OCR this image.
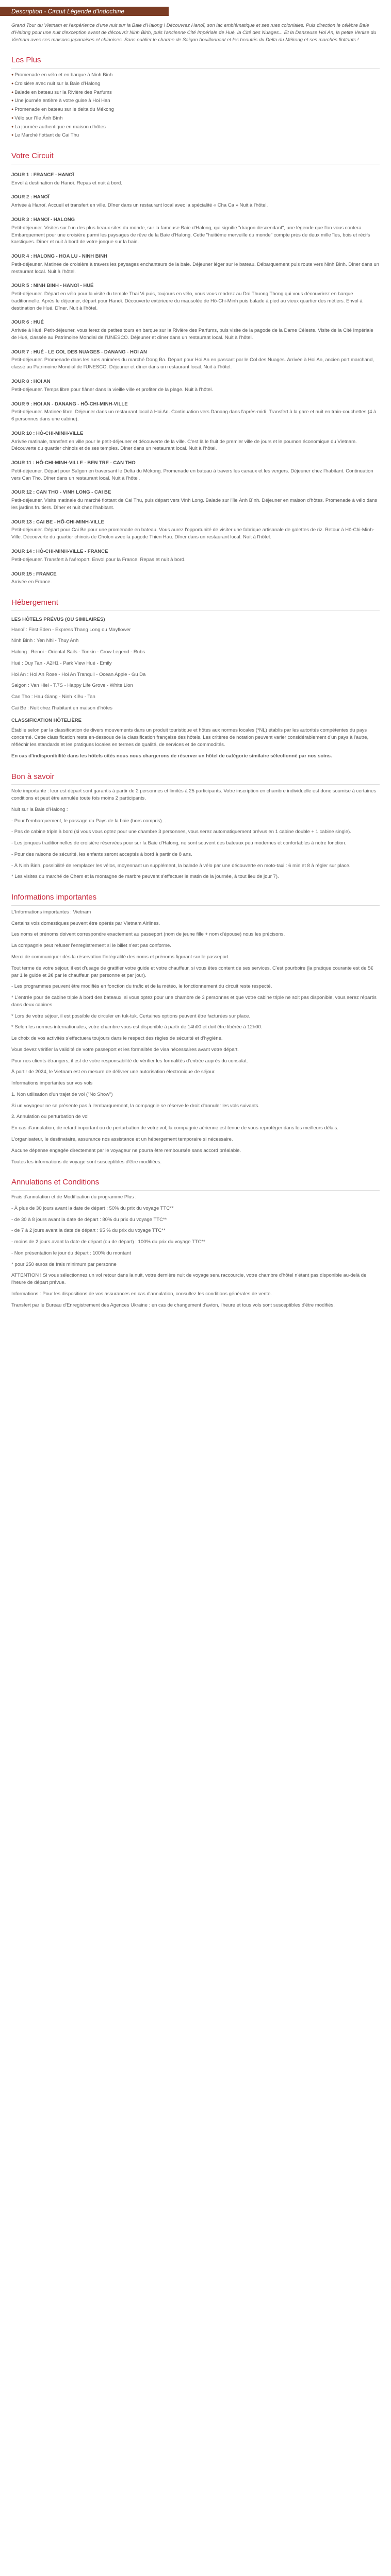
Description - Circuit Légende d'Indochine

Grand Tour du Vietnam et l'expérience d'une nuit sur la Baie d'Halong ! Découvrez Hanoï, son lac emblématique et ses rues coloniales. Puis direction le célèbre Baie d'Halong pour une nuit d'exception avant de découvrir Ninh Binh, puis l'ancienne Cité Impériale de Hué, la Cité des Nuages... Et la Danseuse Hoi An, la petite Venise du Vietnam avec ses maisons japonaises et chinoises. Sans oublier le charme de Saigon bouillonnant et les beautés du Delta du Mékong et ses marchés flottants !

Les Plus

● Promenade en vélo et en barque à Ninh Binh

● Croisière avec nuit sur la Baie d'Halong

● Balade en bateau sur la Rivière des Parfums

● Une journée entière à votre guise à Hoi Han

● Promenade en bateau sur le delta du Mékong

● Vélo sur l'île Ánh Bình

● La journée authentique en maison d'hôtes

● Le Marché flottant de Cai Thu

Votre Circuit
JOUR 1 : FRANCE - HANOÏ

Envol à destination de Hanoï. Repas et nuit à bord.

JOUR 2 : HANOÏ

Arrivée à Hanoï. Accueil et transfert en ville. Dîner dans un restaurant local avec la spécialité « Cha Ca » Nuit à l'hôtel.

JOUR 3 : HANOÏ - HALONG

Petit-déjeuner. Visites sur l'un des plus beaux sites du monde, sur la fameuse Baie d'Halong, qui signifie "dragon descendant", une légende que l'on vous contera. Embarquement pour une croisière parmi les paysages de rêve de la Baie d'Halong. Cette "huitième merveille du monde" compte près de deux mille îles, bois et récifs karstiques. Dîner et nuit à bord de votre jonque sur la baie.

JOUR 4 : HALONG - HOA LU - NINH BINH

Petit-déjeuner. Matinée de croisière à travers les paysages enchanteurs de la baie. Déjeuner léger sur le bateau. Débarquement puis route vers Ninh Binh. Dîner dans un restaurant local. Nuit à l'hôtel.

JOUR 5 : NINH BINH - HANOÏ - HUÉ

Petit-déjeuner. Départ en vélo pour la visite du temple Thai Vi puis, toujours en vélo, vous vous rendrez au Dai Thuong Thong qui vous découvrirez en barque traditionnelle. Après le déjeuner, départ pour Hanoï. Découverte extérieure du mausolée de Hô-Chi-Minh puis balade à pied au vieux quartier des métiers. Envol à destination de Hué. Dîner. Nuit à l'hôtel.

JOUR 6 : HUÉ

Arrivée à Hué. Petit-déjeuner, vous ferez de petites tours en barque sur la Rivière des Parfums, puis visite de la pagode de la Dame Céleste. Visite de la Cité Impériale de Hué, classée au Patrimoine Mondial de l'UNESCO. Déjeuner et dîner dans un restaurant local. Nuit à l'hôtel.

JOUR 7 : HUÉ - LE COL DES NUAGES - DANANG - HOI AN

Petit-déjeuner. Promenade dans les rues animées du marché Dong Ba. Départ pour Hoi An en passant par le Col des Nuages. Arrivée à Hoi An, ancien port marchand, classé au Patrimoine Mondial de l'UNESCO. Déjeuner et dîner dans un restaurant local. Nuit à l'hôtel.

JOUR 8 : HOI AN

Petit-déjeuner. Temps libre pour flâner dans la vieille ville et profiter de la plage. Nuit à l'hôtel.

JOUR 9 : HOI AN - DANANG - HÔ-CHI-MINH-VILLE

Petit-déjeuner. Matinée libre. Déjeuner dans un restaurant local à Hoi An. Continuation vers Danang dans l'après-midi. Transfert à la gare et nuit en train-couchettes (4 à 6 personnes dans une cabine).

JOUR 10 : HÔ-CHI-MINH-VILLE

Arrivée matinale, transfert en ville pour le petit-déjeuner et découverte de la ville. C'est là le fruit de premier ville de jours et le poumon économique du Vietnam. Découverte du quartier chinois et de ses temples. Dîner dans un restaurant local. Nuit à l'hôtel.

JOUR 11 : HÔ-CHI-MINH-VILLE - BEN TRE - CAN THO

Petit-déjeuner. Départ pour Saïgon en traversant le Delta du Mékong. Promenade en bateau à travers les canaux et les vergers. Déjeuner chez l'habitant. Continuation vers Can Tho. Dîner dans un restaurant local. Nuit à l'hôtel.

JOUR 12 : CAN THO - VINH LONG - CAI BE

Petit-déjeuner. Visite matinale du marché flottant de Cai Thu, puis départ vers Vinh Long. Balade sur l'île Ánh Bình. Déjeuner en maison d'hôtes. Promenade à vélo dans les jardins fruitiers. Dîner et nuit chez l'habitant.

JOUR 13 : CAI BE - HÔ-CHI-MINH-VILLE

Petit-déjeuner. Départ pour Cai Be pour une promenade en bateau. Vous aurez l'opportunité de visiter une fabrique artisanale de galettes de riz. Retour à Hô-Chi-Minh-Ville. Découverte du quartier chinois de Cholon avec la pagode Thien Hau. Dîner dans un restaurant local. Nuit à l'hôtel.

JOUR 14 : HÔ-CHI-MINH-VILLE - FRANCE

Petit-déjeuner. Transfert à l'aéroport. Envol pour la France. Repas et nuit à bord.

JOUR 15 : FRANCE

Arrivée en France.

Hébergement
LES HÔTELS PRÉVUS (OU SIMILAIRES)

Hanoï : First Eden - Express Thang Long ou Mayflower

Ninh Binh : Yen Nhi - Thuy Anh

Halong : Renoi - Oriental Sails - Tonkin - Crow Legend - Rubs

Hué : Duy Tan - A2H1 - Park View Hué - Emily

Hoi An : Hoi An Rose - Hoi An Tranquil - Ocean Apple - Gu Da

Saigon : Van Hiel - T.7S - Happy Life Grove - White Lion

Can Tho : Hau Giang - Ninh Kiều - Tan

Cai Be : Nuit chez l'habitant en maison d'hôtes

CLASSIFICATION HÔTELIÈRE

Établie selon par la classification de divers mouvements dans un produit touristique et hôtes aux normes locales (*NL) établis par les autorités compétentes du pays concerné. Cette classification reste en-dessous de la classification française des hôtels. Les critères de notation peuvent varier considérablement d'un pays à l'autre, réfléchir les standards et les pratiques locales en termes de qualité, de services et de commodités.

En cas d'indisponibilité dans les hôtels cités nous nous chargerons de réserver un hôtel de catégorie similaire sélectionné par nos soins.

Bon à savoir

Note importante : leur est départ sont garantis à partir de 2 personnes et limités à 25 participants. Votre inscription en chambre individuelle est donc soumise à certaines conditions et peut être annulée toute fois moins 2 participants.

Nuit sur la Baie d'Halong :

- Pour l'embarquement, le passage du Pays de la baie (hors compris)...

- Pas de cabine triple à bord (si vous vous optez pour une chambre 3 personnes, vous serez automatiquement prévus en 1 cabine double + 1 cabine single).

- Les jonques traditionnelles de croisière réservées pour sur la Baie d'Halong, ne sont souvent des bateaux peu modernes et confortables à notre fonction.

- Pour des raisons de sécurité, les enfants seront acceptés à bord à partir de 8 ans.

- À Ninh Binh, possibilité de remplacer les vélos, moyennant un supplément, la balade à vélo par une découverte en moto-taxi : 6 min et 8 à régler sur place.

* Les visites du marché de Chem et la montagne de marbre peuvent s'effectuer le matin de la journée, à tout lieu de jour 7).

Informations importantes

L'Informations importantes : Vietnam

Certains vols domestiques peuvent être opérés par Vietnam Airlines.

Les noms et prénoms doivent correspondre exactement au passeport (nom de jeune fille + nom d'épouse) nous les précisons.

La compagnie peut refuser l'enregistrement si le billet n'est pas conforme.

Merci de communiquer dès la réservation l'intégralité des noms et prénoms figurant sur le passeport.

Tout terme de votre séjour, il est d'usage de gratifier votre guide et votre chauffeur, si vous êtes content de ses services. C'est pourboire (la pratique courante est de 5€ par 1 le guide et 2€ par le chauffeur, par personne et par jour).

- Les programmes peuvent être modifiés en fonction du trafic et de la météo, le fonctionnement du circuit reste respecté.

* L'entrée pour de cabine triple à bord des bateaux, si vous optez pour une chambre de 3 personnes et que votre cabine triple ne soit pas disponible, vous serez répartis dans deux cabines.

* Lors de votre séjour, il est possible de circuler en tuk-tuk. Certaines options peuvent être facturées sur place.

* Selon les normes internationales, votre chambre vous est disponible à partir de 14h00 et doit être libérée à 12h00.

Le choix de vos activités s'effectuera toujours dans le respect des règles de sécurité et d'hygiène.

Vous devez vérifier la validité de votre passeport et les formalités de visa nécessaires avant votre départ.

Pour nos clients étrangers, il est de votre responsabilité de vérifier les formalités d'entrée auprès du consulat.

À partir de 2024, le Vietnam est en mesure de délivrer une autorisation électronique de séjour.

Informations importantes sur vos vols

1. Non utilisation d'un trajet de vol ("No Show")

Si un voyageur ne se présente pas à l'embarquement, la compagnie se réserve le droit d'annuler les vols suivants.

2. Annulation ou perturbation de vol

En cas d'annulation, de retard important ou de perturbation de votre vol, la compagnie aérienne est tenue de vous reprotéger dans les meilleurs délais.

L'organisateur, le destinataire, assurance nos assistance et un hébergement temporaire si nécessaire.

Aucune dépense engagée directement par le voyageur ne pourra être remboursée sans accord préalable.

Toutes les informations de voyage sont susceptibles d'être modifiées.

Annulations et Conditions

Frais d'annulation et de Modification du programme Plus :

- À plus de 30 jours avant la date de départ : 50% du prix du voyage TTC**

- de 30 à 8 jours avant la date de départ : 80% du prix du voyage TTC**

- de 7 à 2 jours avant la date de départ : 95 % du prix du voyage TTC**

- moins de 2 jours avant la date de départ (ou de départ) : 100% du prix du voyage TTC**

- Non présentation le jour du départ : 100% du montant

* pour 250 euros de frais minimum par personne

ATTENTION ! Si vous sélectionnez un vol retour dans la nuit, votre dernière nuit de voyage sera raccourcie, votre chambre d'hôtel n'étant pas disponible au-delà de l'heure de départ prévue.

Informations : Pour les dispositions de vos assurances en cas d'annulation, consultez les conditions générales de vente.

Transfert par le Bureau d'Enregistrement des Agences Ukraine : en cas de changement d'avion, l'heure et tous vols sont susceptibles d'être modifiés.
